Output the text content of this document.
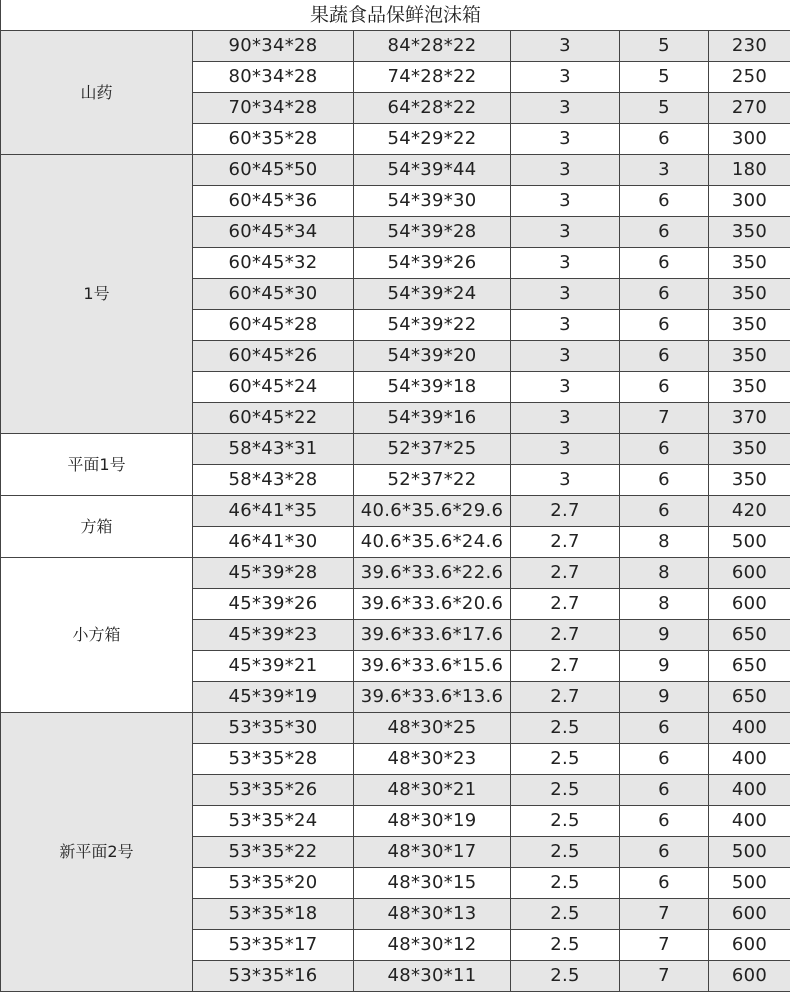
果蔬食品保鲜泡沫箱					
山药	90*34*28	84*28*22	3	5	230
	80*34*28	74*28*22	3	5	250
	70*34*28	64*28*22	3	5	270
	60*35*28	54*29*22	3	6	300
1号	60*45*50	54*39*44	3	3	180
	60*45*36	54*39*30	3	6	300
	60*45*34	54*39*28	3	6	350
	60*45*32	54*39*26	3	6	350
	60*45*30	54*39*24	3	6	350
	60*45*28	54*39*22	3	6	350
	60*45*26	54*39*20	3	6	350
	60*45*24	54*39*18	3	6	350
	60*45*22	54*39*16	3	7	370
平面1号	58*43*31	52*37*25	3	6	350
	58*43*28	52*37*22	3	6	350
方箱	46*41*35	40.6*35.6*29.6	2.7	6	420
	46*41*30	40.6*35.6*24.6	2.7	8	500
小方箱	45*39*28	39.6*33.6*22.6	2.7	8	600
	45*39*26	39.6*33.6*20.6	2.7	8	600
	45*39*23	39.6*33.6*17.6	2.7	9	650
	45*39*21	39.6*33.6*15.6	2.7	9	650
	45*39*19	39.6*33.6*13.6	2.7	9	650
新平面2号	53*35*30	48*30*25	2.5	6	400
	53*35*28	48*30*23	2.5	6	400
	53*35*26	48*30*21	2.5	6	400
	53*35*24	48*30*19	2.5	6	400
	53*35*22	48*30*17	2.5	6	500
	53*35*20	48*30*15	2.5	6	500
	53*35*18	48*30*13	2.5	7	600
	53*35*17	48*30*12	2.5	7	600
	53*35*16	48*30*11	2.5	7	600
